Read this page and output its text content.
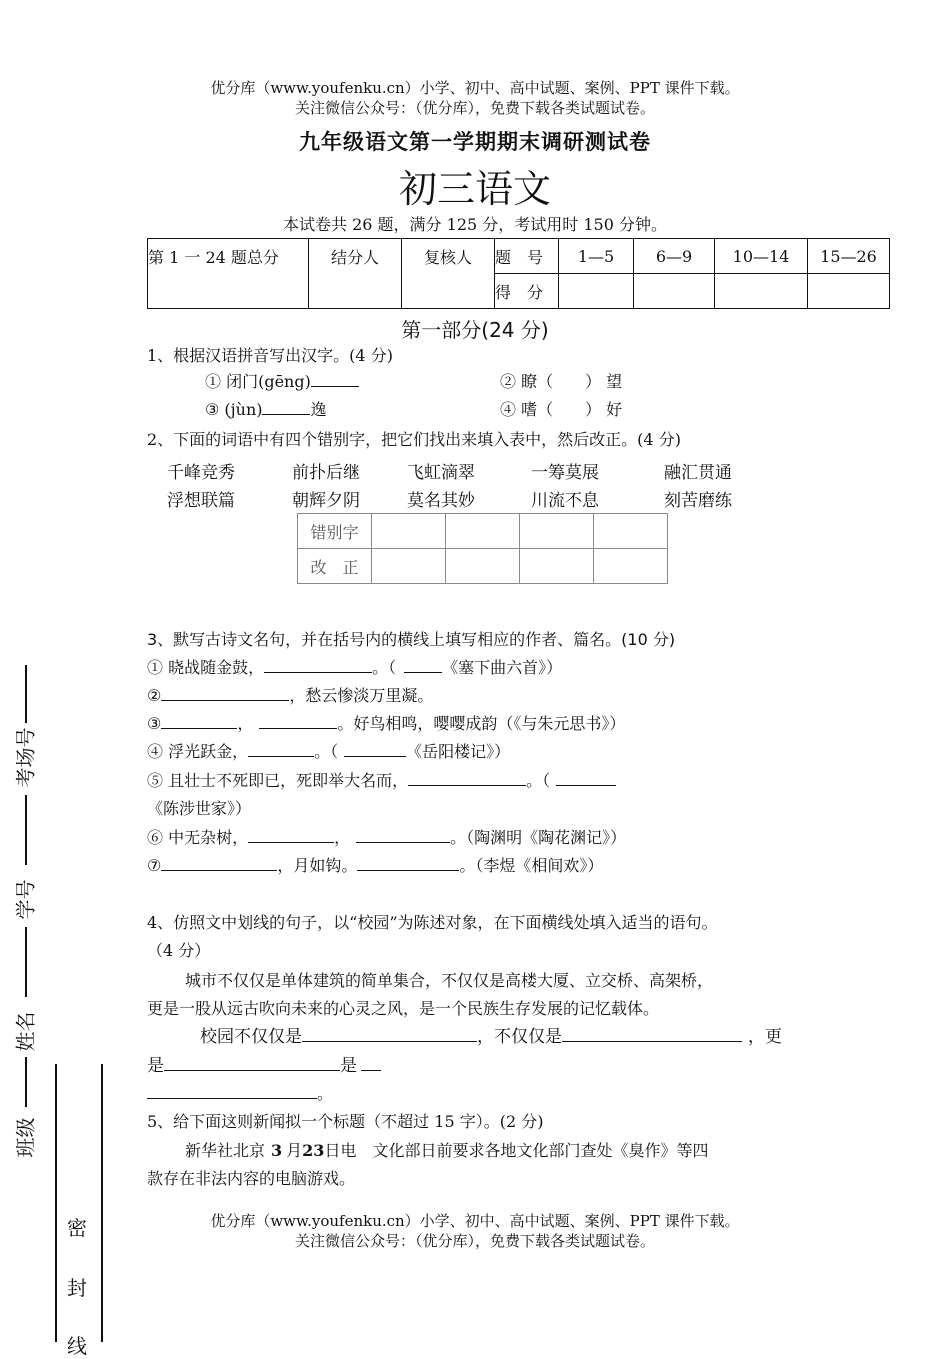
优分库（www.youfenku.cn）小学、初中、高中试题、案例、PPT 课件下载。
关注微信公众号：（优分库），免费下载各类试题试卷。
九年级语文第一学期期末调研测试卷
初三语文
本试卷共 26 题，满分 125 分，考试用时 150 分钟。
第 1 一 24 题总分	结分人	复核人	题　号	1—5	6—9	10—14	15—26
			得　分				
第一部分(24 分)
1、根据汉语拼音写出汉字。(4 分)
① 闭门(gēng)	② 瞭（　　） 望
③ (jùn)	逸	④ 嗜（　　） 好
2、下面的词语中有四个错别字，把它们找出来填入表中，然后改正。(4 分)
千峰竞秀	前扑后继	飞虹滴翠	一筹莫展	融汇贯通
浮想联篇	朝辉夕阴	莫名其妙	川流不息	刻苦磨练
错别字				
改　正				
3、默写古诗文名句，并在括号内的横线上填写相应的作者、篇名。(10 分)
① 晓战随金鼓，	。（	《塞下曲六首》）
②	，愁云惨淡万里凝。
③	，	。好鸟相鸣，嘤嘤成韵（《与朱元思书》）
④ 浮光跃金，	。（	《岳阳楼记》）
⑤ 且壮士不死即已，死即举大名而，	。（
《陈涉世家》）
⑥ 中无杂树，	，	。（陶渊明《陶花渊记》）
⑦	，月如钩。	。（李煜《相间欢》）
4、仿照文中划线的句子，以“校园”为陈述对象，在下面横线处填入适当的语句。
（4 分）
城市不仅仅是单体建筑的简单集合，不仅仅是高楼大厦、立交桥、高架桥，
更是一股从远古吹向未来的心灵之风，是一个民族生存发展的记忆载体。
校园不仅仅是	，不仅仅是	，更
是	是
。
5、给下面这则新闻拟一个标题（不超过 15 字）。(2 分)
新华社北京 3 月23日电　文化部日前要求各地文化部门查处《臭作》等四
款存在非法内容的电脑游戏。
优分库（www.youfenku.cn）小学、初中、高中试题、案例、PPT 课件下载。
关注微信公众号：（优分库），免费下载各类试题试卷。
考场号
学号
姓名
班级
密
封
线
